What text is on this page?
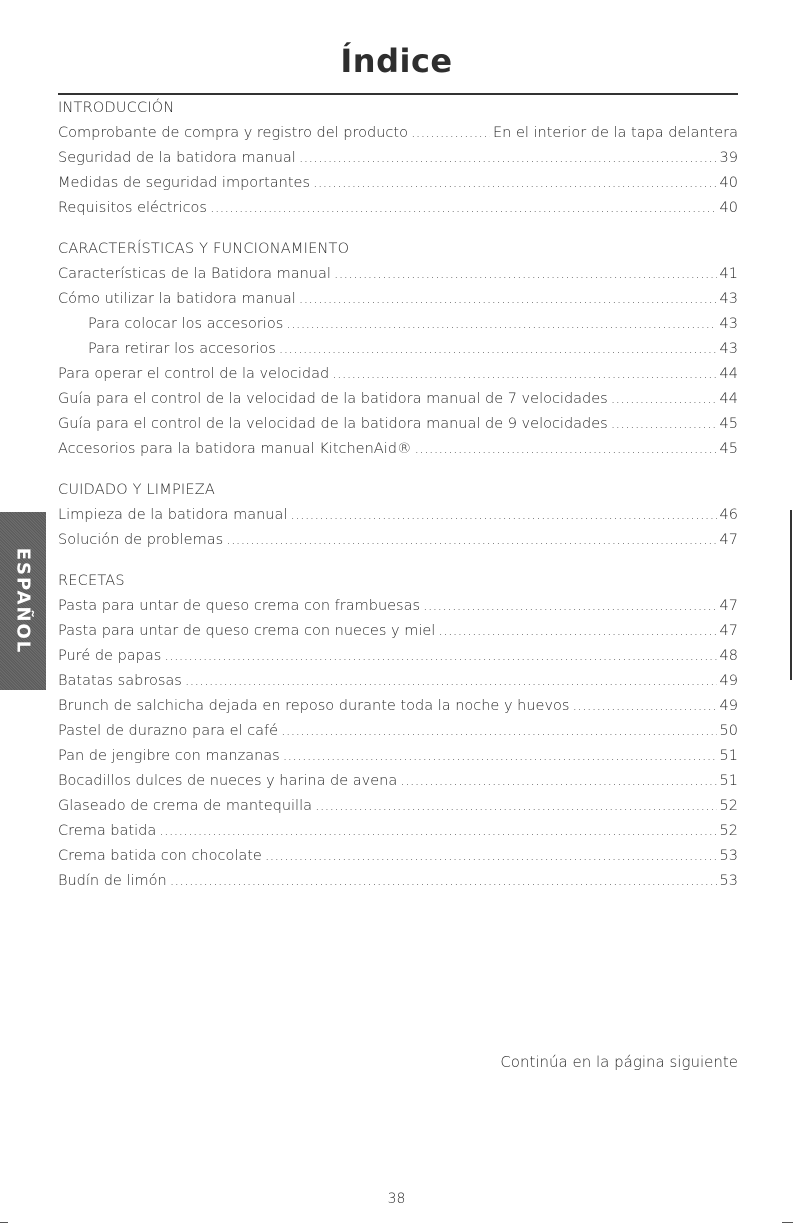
Índice
INTRODUCCIÓN
Comprobante de compra y registro del producto . . .	En el interior de la tapa delantera
Seguridad de la batidora manual . . .	39
Medidas de seguridad importantes . . .	40
Requisitos eléctricos . . .	40
CARACTERÍSTICAS Y FUNCIONAMIENTO
Características de la Batidora manual . . .	41
Cómo utilizar la batidora manual . . .	43
Para colocar los accesorios . . .	43
Para retirar los accesorios . . .	43
Para operar el control de la velocidad . . .	44
Guía para el control de la velocidad de la batidora manual de 7 velocidades . . .	44
Guía para el control de la velocidad de la batidora manual de 9 velocidades . . .	45
Accesorios para la batidora manual KitchenAid® . . .	45
CUIDADO Y LIMPIEZA
Limpieza de la batidora manual . . .	46
Solución de problemas . . .	47
RECETAS
Pasta para untar de queso crema con frambuesas . . .	47
Pasta para untar de queso crema con nueces y miel . . .	47
Puré de papas . . .	48
Batatas sabrosas . . .	49
Brunch de salchicha dejada en reposo durante toda la noche y huevos . . .	49
Pastel de durazno para el café . . .	50
Pan de jengibre con manzanas . . .	51
Bocadillos dulces de nueces y harina de avena . . .	51
Glaseado de crema de mantequilla . . .	52
Crema batida . . .	52
Crema batida con chocolate . . .	53
Budín de limón . . .	53
ESPAÑOL
Continúa en la página siguiente
38
